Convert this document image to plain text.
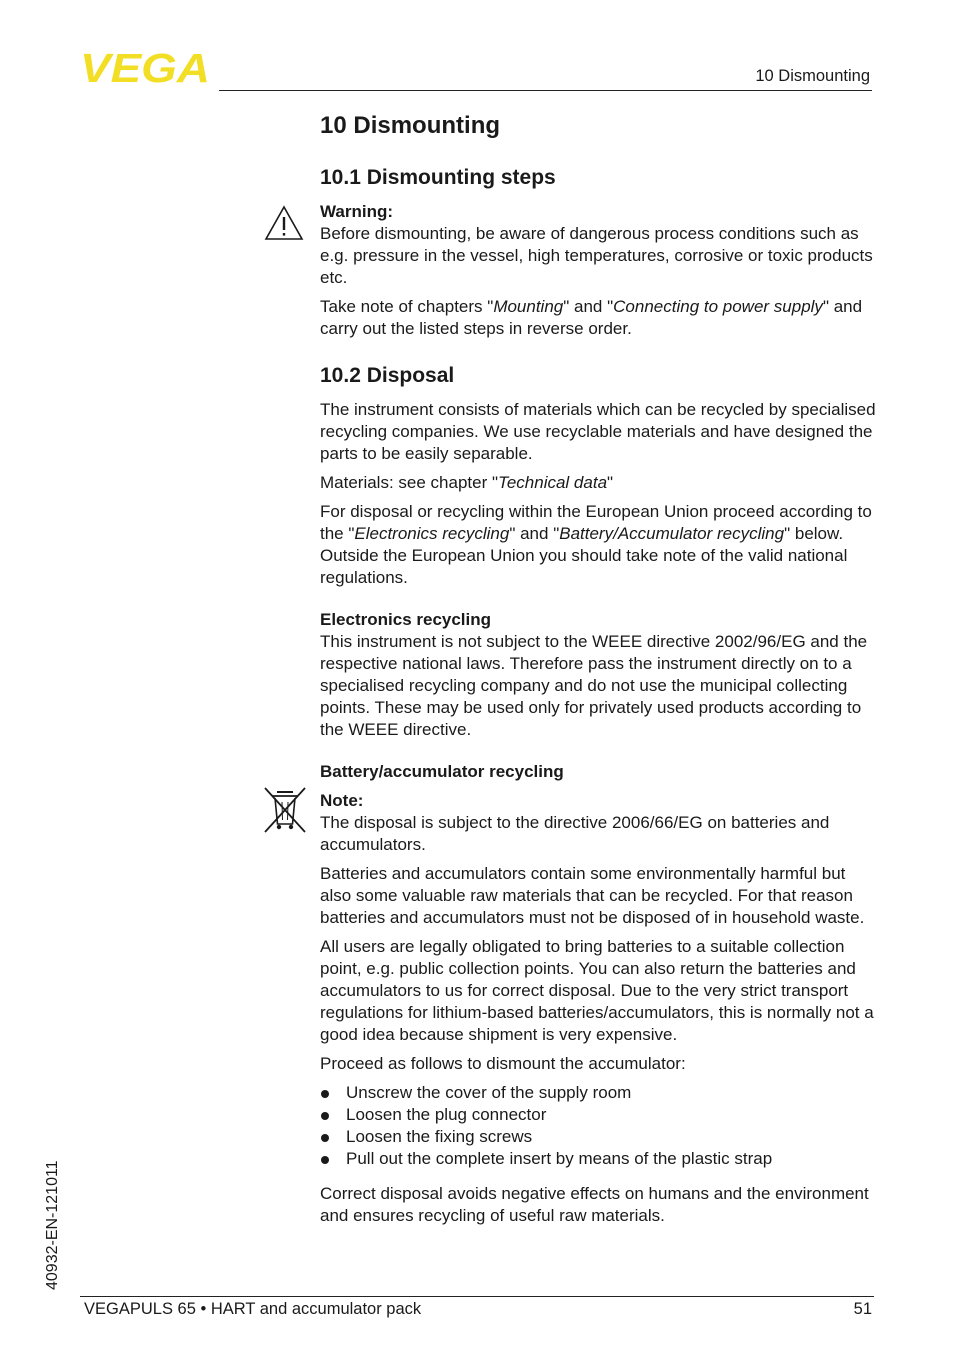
VEGA	10 Dismounting
40932-EN-121011
10 Dismounting
10.1 Dismounting steps
Warning:

Before dismounting, be aware of dangerous process conditions such as e.g. pressure in the vessel, high temperatures, corrosive or toxic products etc.

Take note of chapters "Mounting" and "Connecting to power supply" and carry out the listed steps in reverse order.

10.2 Disposal

The instrument consists of materials which can be recycled by specialised recycling companies. We use recyclable materials and have designed the parts to be easily separable.

Materials: see chapter "Technical data"

For disposal or recycling within the European Union proceed according to the "Electronics recycling" and "Battery/Accumulator recycling" below. Outside the European Union you should take note of the valid national regulations.

Electronics recycling

This instrument is not subject to the WEEE directive 2002/96/EG and the respective national laws. Therefore pass the instrument directly on to a specialised recycling company and do not use the municipal collecting points. These may be used only for privately used products according to the WEEE directive.

Battery/accumulator recycling
Note:

The disposal is subject to the directive 2006/66/EG on batteries and accumulators.

Batteries and accumulators contain some environmentally harmful but also some valuable raw materials that can be recycled. For that reason batteries and accumulators must not be disposed of in household waste.

All users are legally obligated to bring batteries to a suitable collection point, e.g. public collection points. You can also return the batteries and accumulators to us for correct disposal. Due to the very strict transport regulations for lithium-based batteries/accumulators, this is normally not a good idea because shipment is very expensive.

Proceed as follows to dismount the accumulator:

Unscrew the cover of the supply room
Loosen the plug connector
Loosen the fixing screws
Pull out the complete insert by means of the plastic strap

Correct disposal avoids negative effects on humans and the environment and ensures recycling of useful raw materials.

VEGAPULS 65 • HART and accumulator pack	51
